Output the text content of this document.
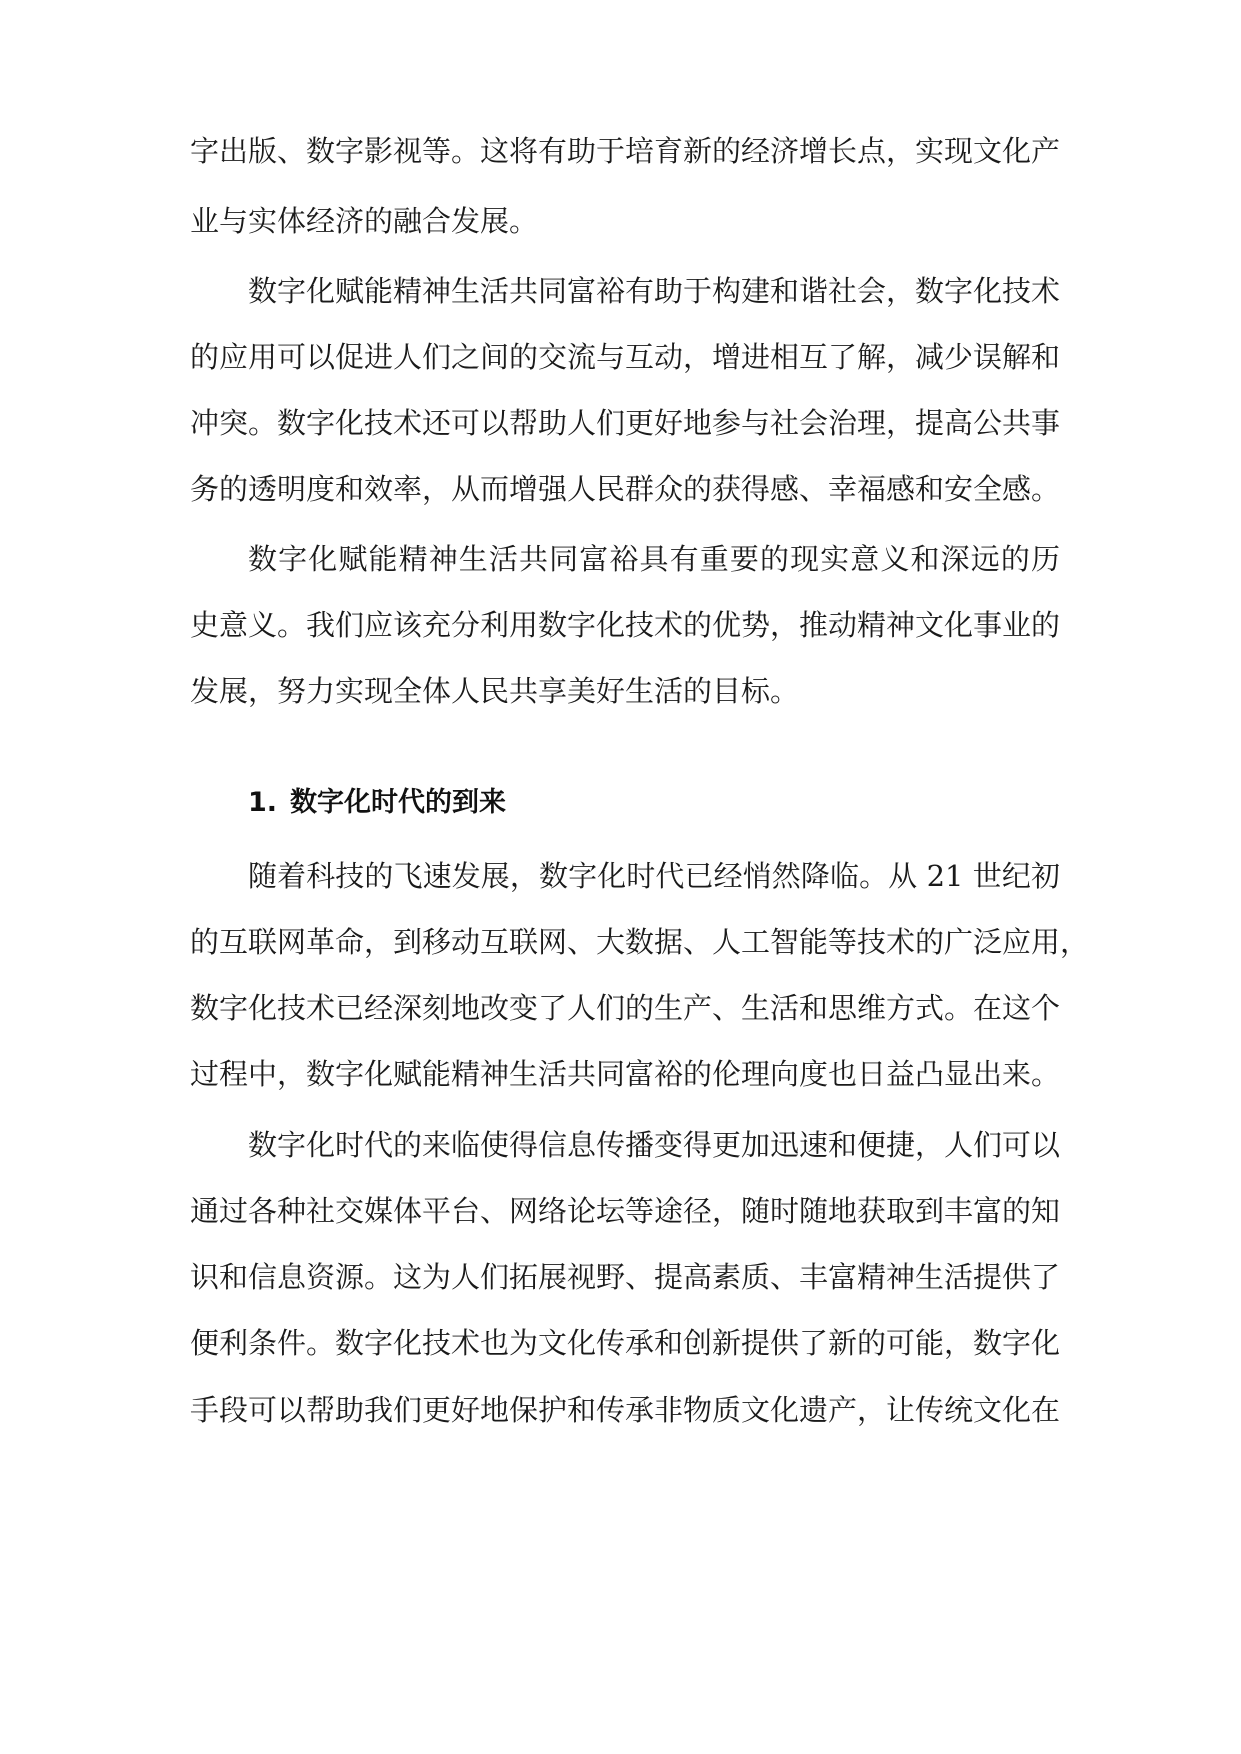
字出版、数字影视等。这将有助于培育新的经济增长点，实现文化产
业与实体经济的融合发展。
数字化赋能精神生活共同富裕有助于构建和谐社会，数字化技术
的应用可以促进人们之间的交流与互动，增进相互了解，减少误解和
冲突。数字化技术还可以帮助人们更好地参与社会治理，提高公共事
务的透明度和效率，从而增强人民群众的获得感、幸福感和安全感。
数字化赋能精神生活共同富裕具有重要的现实意义和深远的历
史意义。我们应该充分利用数字化技术的优势，推动精神文化事业的
发展，努力实现全体人民共享美好生活的目标。
1. 数字化时代的到来
随着科技的飞速发展，数字化时代已经悄然降临。从 21 世纪初
的互联网革命，到移动互联网、大数据、人工智能等技术的广泛应用，
数字化技术已经深刻地改变了人们的生产、生活和思维方式。在这个
过程中，数字化赋能精神生活共同富裕的伦理向度也日益凸显出来。
数字化时代的来临使得信息传播变得更加迅速和便捷，人们可以
通过各种社交媒体平台、网络论坛等途径，随时随地获取到丰富的知
识和信息资源。这为人们拓展视野、提高素质、丰富精神生活提供了
便利条件。数字化技术也为文化传承和创新提供了新的可能，数字化
手段可以帮助我们更好地保护和传承非物质文化遗产，让传统文化在
